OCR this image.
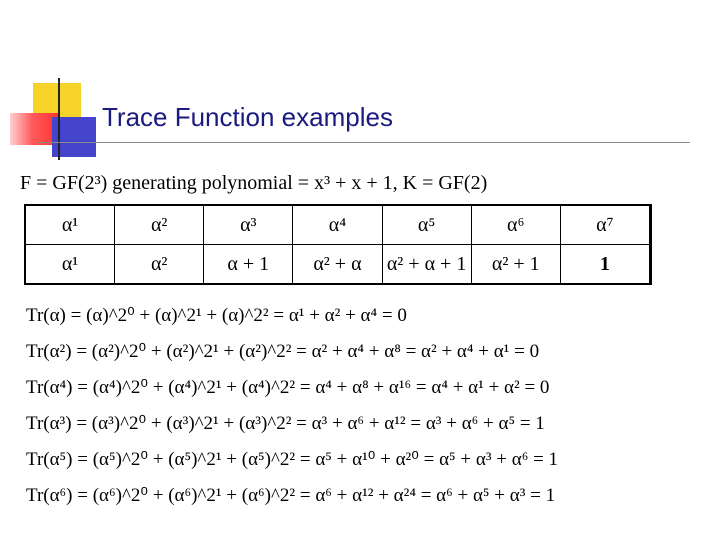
Trace Function examples
F = GF(2³) generating polynomial = x³ + x + 1, K = GF(2)
α¹	α²	α³	α⁴	α⁵	α⁶	α⁷
α¹	α²	α + 1	α² + α	α² + α + 1	α² + 1	1
Tr(α) = (α)^2⁰ + (α)^2¹ + (α)^2² = α¹ + α² + α⁴ = 0
Tr(α²) = (α²)^2⁰ + (α²)^2¹ + (α²)^2² = α² + α⁴ + α⁸ = α² + α⁴ + α¹ = 0
Tr(α⁴) = (α⁴)^2⁰ + (α⁴)^2¹ + (α⁴)^2² = α⁴ + α⁸ + α¹⁶ = α⁴ + α¹ + α² = 0
Tr(α³) = (α³)^2⁰ + (α³)^2¹ + (α³)^2² = α³ + α⁶ + α¹² = α³ + α⁶ + α⁵ = 1
Tr(α⁵) = (α⁵)^2⁰ + (α⁵)^2¹ + (α⁵)^2² = α⁵ + α¹⁰ + α²⁰ = α⁵ + α³ + α⁶ = 1
Tr(α⁶) = (α⁶)^2⁰ + (α⁶)^2¹ + (α⁶)^2² = α⁶ + α¹² + α²⁴ = α⁶ + α⁵ + α³ = 1
